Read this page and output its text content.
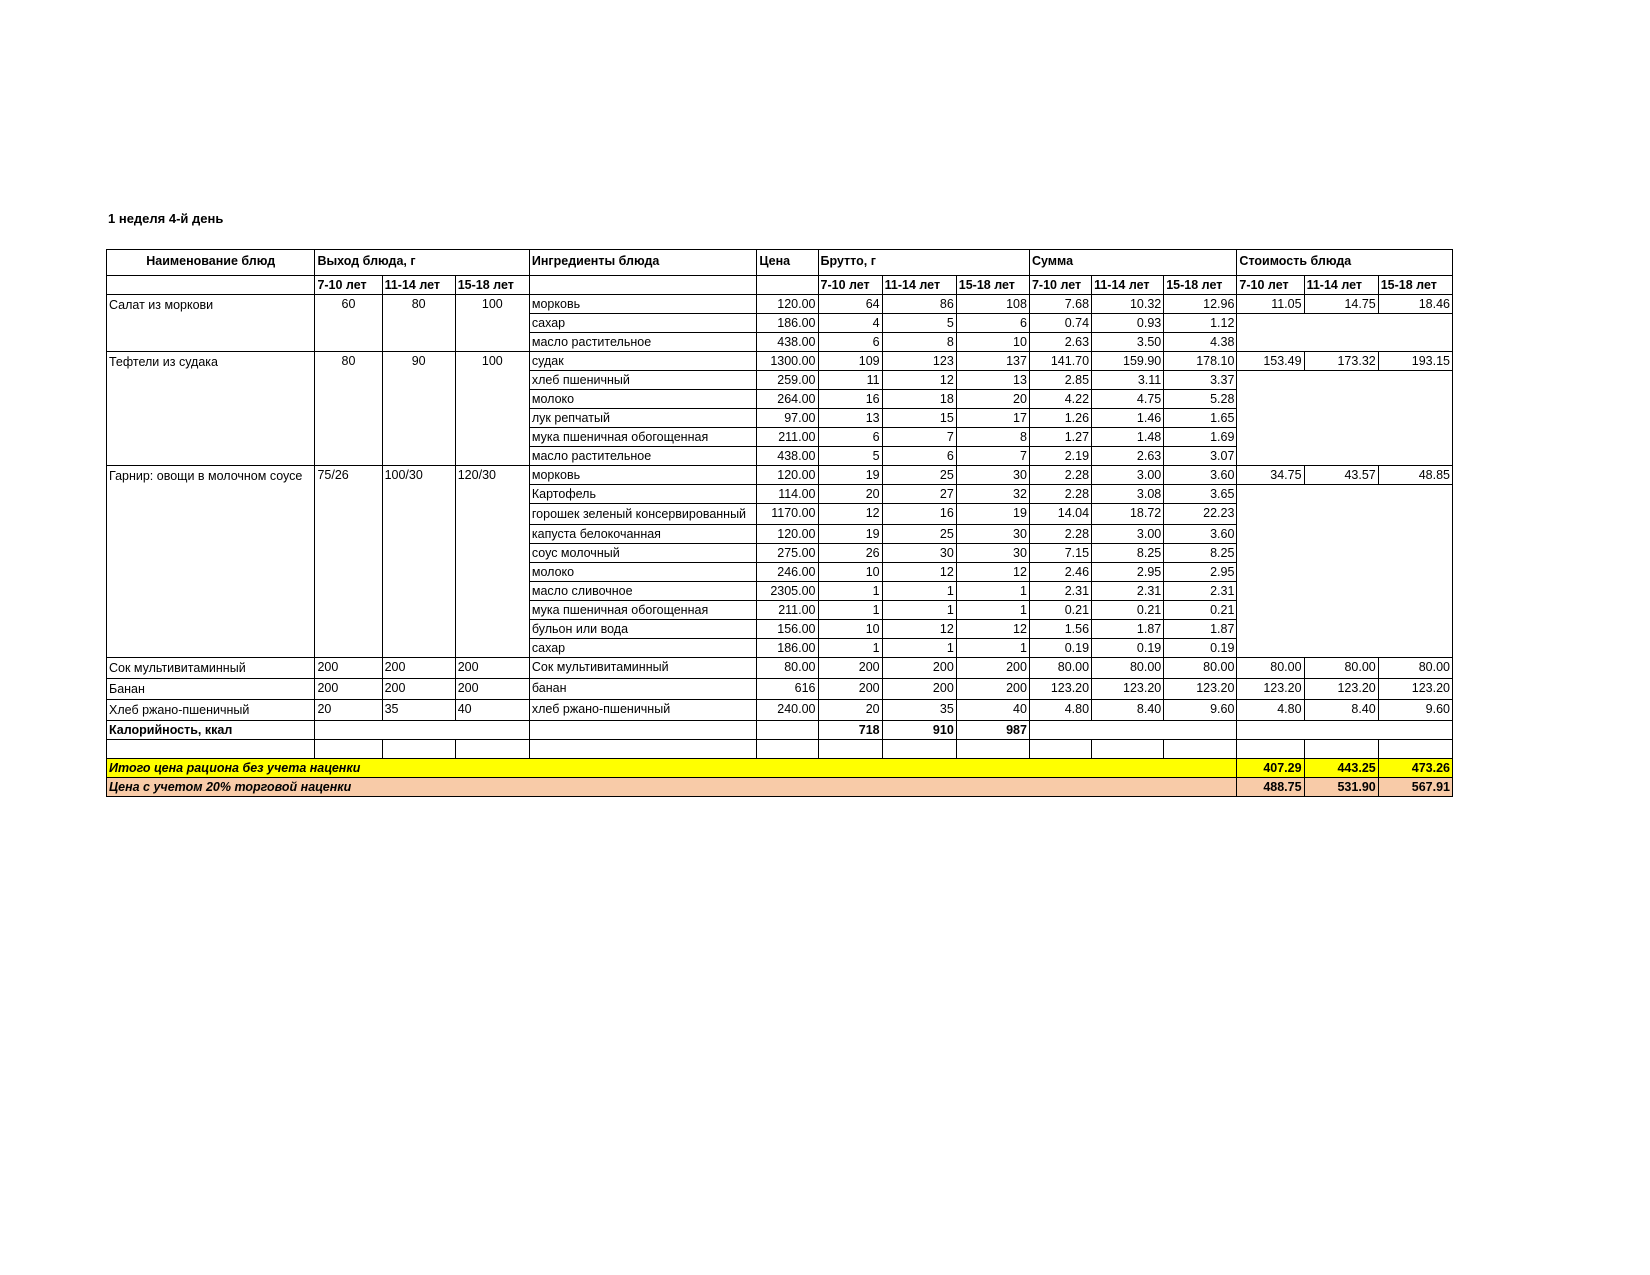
1 неделя 4-й день
Наименование блюд	Выход блюда, г			Ингредиенты блюда	Цена	Брутто, г			Сумма			Стоимость блюда		
	7-10 лет	11-14 лет	15-18 лет			7-10 лет	11-14 лет	15-18 лет	7-10 лет	11-14 лет	15-18 лет	7-10 лет	11-14 лет	15-18 лет
Салат из моркови	60	80	100	морковь	120.00	64	86	108	7.68	10.32	12.96	11.05	14.75	18.46
				сахар	186.00	4	5	6	0.74	0.93	1.12			
				масло растительное	438.00	6	8	10	2.63	3.50	4.38			
Тефтели из судака	80	90	100	судак	1300.00	109	123	137	141.70	159.90	178.10	153.49	173.32	193.15
				хлеб пшеничный	259.00	11	12	13	2.85	3.11	3.37			
				молоко	264.00	16	18	20	4.22	4.75	5.28			
				лук репчатый	97.00	13	15	17	1.26	1.46	1.65			
				мука пшеничная обогощенная	211.00	6	7	8	1.27	1.48	1.69			
				масло растительное	438.00	5	6	7	2.19	2.63	3.07			
Гарнир: овощи в молочном соусе	75/26	100/30	120/30	морковь	120.00	19	25	30	2.28	3.00	3.60	34.75	43.57	48.85
				Картофель	114.00	20	27	32	2.28	3.08	3.65			
				горошек зеленый консервированный	1170.00	12	16	19	14.04	18.72	22.23			
				капуста белокочанная	120.00	19	25	30	2.28	3.00	3.60			
				соус молочный	275.00	26	30	30	7.15	8.25	8.25			
				молоко	246.00	10	12	12	2.46	2.95	2.95			
				масло сливочное	2305.00	1	1	1	2.31	2.31	2.31			
				мука пшеничная обогощенная	211.00	1	1	1	0.21	0.21	0.21			
				бульон или вода	156.00	10	12	12	1.56	1.87	1.87			
				сахар	186.00	1	1	1	0.19	0.19	0.19			
Сок мультивитаминный	200	200	200	Сок мультивитаминный	80.00	200	200	200	80.00	80.00	80.00	80.00	80.00	80.00
Банан	200	200	200	банан	616	200	200	200	123.20	123.20	123.20	123.20	123.20	123.20
Хлеб ржано-пшеничный	20	35	40	хлеб ржано-пшеничный	240.00	20	35	40	4.80	8.40	9.60	4.80	8.40	9.60
Калорийность, ккал						718	910	987						

Итого цена рациона без учета наценки												407.29	443.25	473.26
Цена с учетом 20% торговой наценки												488.75	531.90	567.91
